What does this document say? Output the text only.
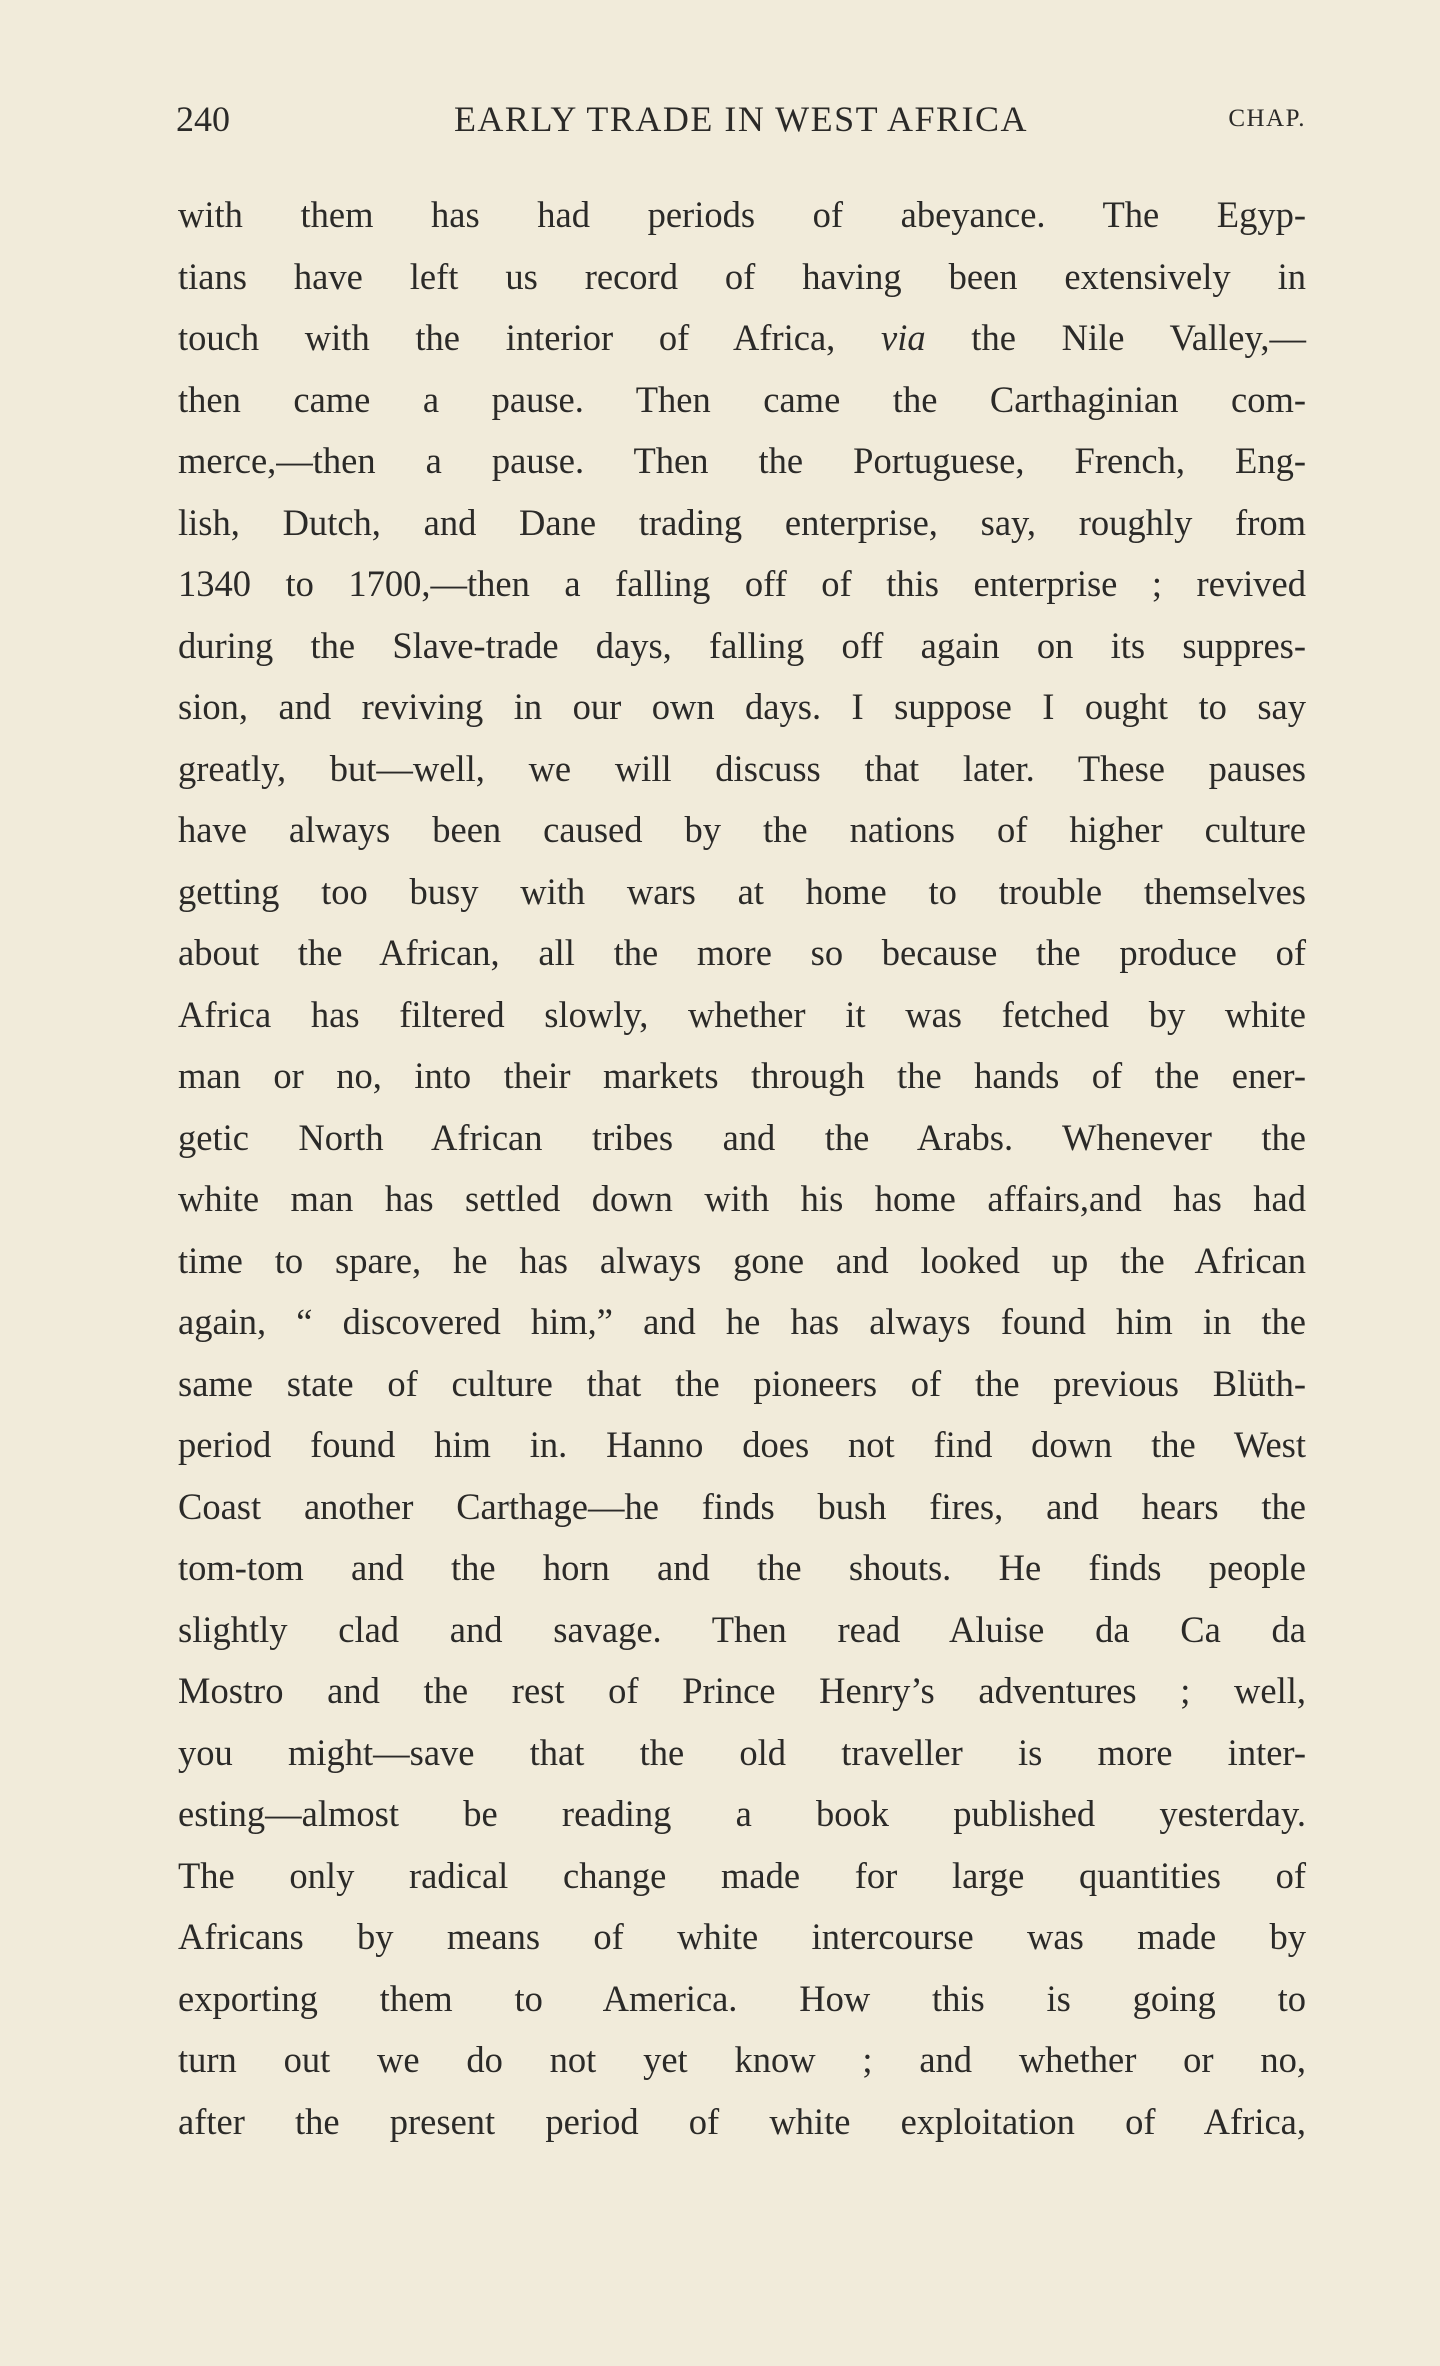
240	EARLY TRADE IN WEST AFRICA	CHAP.
with them has had periods of abeyance. The Egyp-
tians have left us record of having been extensively in
touch with the interior of Africa, via the Nile Valley,—
then came a pause. Then came the Carthaginian com-
merce,—then a pause. Then the Portuguese, French, Eng-
lish, Dutch, and Dane trading enterprise, say, roughly from
1340 to 1700,—then a falling off of this enterprise ; revived
during the Slave-trade days, falling off again on its suppres-
sion, and reviving in our own days. I suppose I ought to say
greatly, but—well, we will discuss that later. These pauses
have always been caused by the nations of higher culture
getting too busy with wars at home to trouble themselves
about the African, all the more so because the produce of
Africa has filtered slowly, whether it was fetched by white
man or no, into their markets through the hands of the ener-
getic North African tribes and the Arabs. Whenever the
white man has settled down with his home affairs,and has had
time to spare, he has always gone and looked up the African
again, “ discovered him,” and he has always found him in the
same state of culture that the pioneers of the previous Blüth-
period found him in. Hanno does not find down the West
Coast another Carthage—he finds bush fires, and hears the
tom-tom and the horn and the shouts. He finds people
slightly clad and savage. Then read Aluise da Ca da
Mostro and the rest of Prince Henry’s adventures ; well,
you might—save that the old traveller is more inter-
esting—almost be reading a book published yesterday.
The only radical change made for large quantities of
Africans by means of white intercourse was made by
exporting them to America. How this is going to
turn out we do not yet know ; and whether or no,
after the present period of white exploitation of Africa,
